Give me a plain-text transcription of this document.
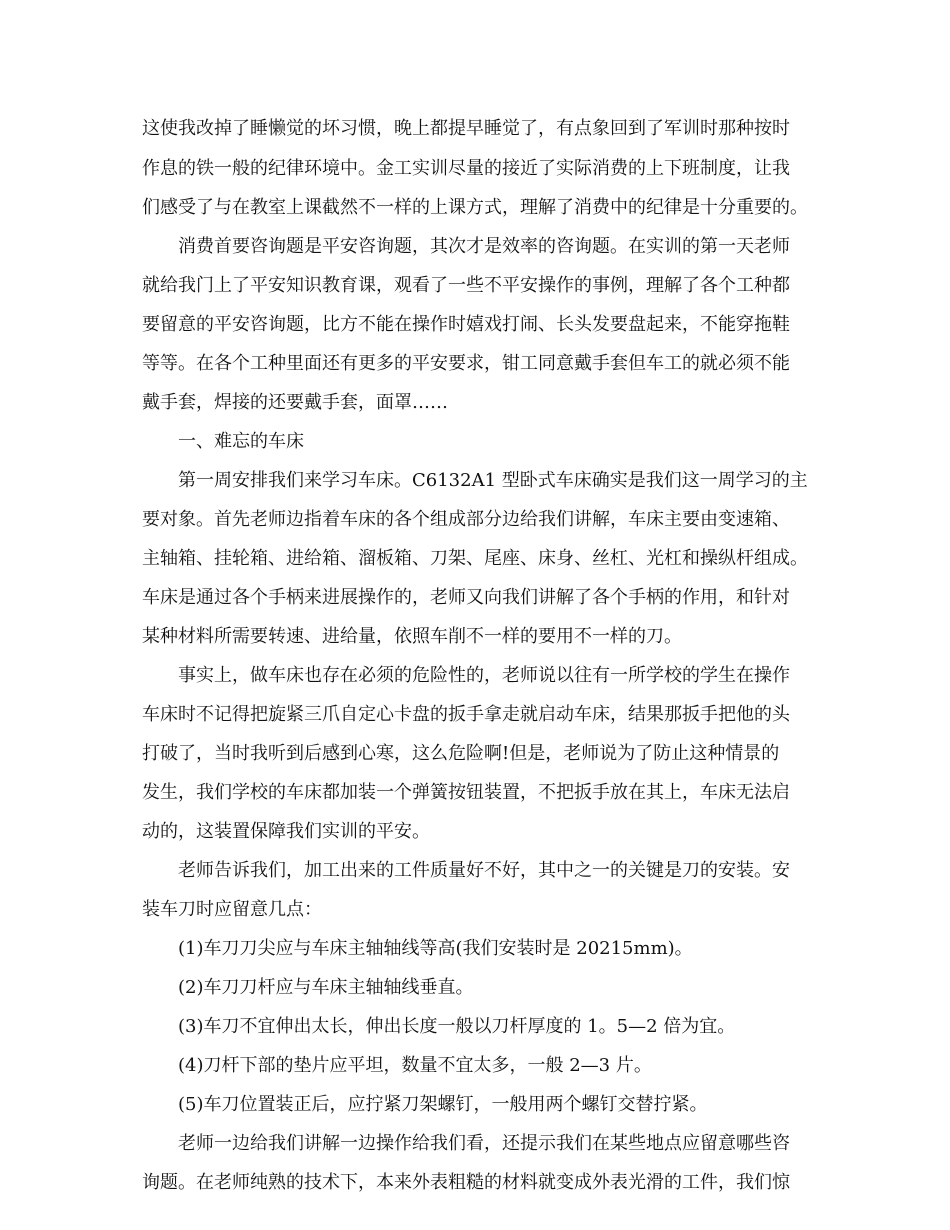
这使我改掉了睡懒觉的坏习惯，晚上都提早睡觉了，有点象回到了军训时那种按时

作息的铁一般的纪律环境中。金工实训尽量的接近了实际消费的上下班制度，让我

们感受了与在教室上课截然不一样的上课方式，理解了消费中的纪律是十分重要的。

消费首要咨询题是平安咨询题，其次才是效率的咨询题。在实训的第一天老师

就给我门上了平安知识教育课，观看了一些不平安操作的事例，理解了各个工种都

要留意的平安咨询题，比方不能在操作时嬉戏打闹、长头发要盘起来，不能穿拖鞋

等等。在各个工种里面还有更多的平安要求，钳工同意戴手套但车工的就必须不能

戴手套，焊接的还要戴手套，面罩……

一、难忘的车床

第一周安排我们来学习车床。C6132A1 型卧式车床确实是我们这一周学习的主

要对象。首先老师边指着车床的各个组成部分边给我们讲解，车床主要由变速箱、

主轴箱、挂轮箱、进给箱、溜板箱、刀架、尾座、床身、丝杠、光杠和操纵杆组成。

车床是通过各个手柄来进展操作的，老师又向我们讲解了各个手柄的作用，和针对

某种材料所需要转速、进给量，依照车削不一样的要用不一样的刀。

事实上，做车床也存在必须的危险性的，老师说以往有一所学校的学生在操作

车床时不记得把旋紧三爪自定心卡盘的扳手拿走就启动车床，结果那扳手把他的头

打破了，当时我听到后感到心寒，这么危险啊!但是，老师说为了防止这种情景的

发生，我们学校的车床都加装一个弹簧按钮装置，不把扳手放在其上，车床无法启

动的，这装置保障我们实训的平安。

老师告诉我们，加工出来的工件质量好不好，其中之一的关键是刀的安装。安

装车刀时应留意几点：

(1)车刀刀尖应与车床主轴轴线等高(我们安装时是 20215mm)。

(2)车刀刀杆应与车床主轴轴线垂直。

(3)车刀不宜伸出太长，伸出长度一般以刀杆厚度的 1。5—2 倍为宜。

(4)刀杆下部的垫片应平坦，数量不宜太多，一般 2—3 片。

(5)车刀位置装正后，应拧紧刀架螺钉，一般用两个螺钉交替拧紧。

老师一边给我们讲解一边操作给我们看，还提示我们在某些地点应留意哪些咨

询题。在老师纯熟的技术下，本来外表粗糙的材料就变成外表光滑的工件，我们惊
